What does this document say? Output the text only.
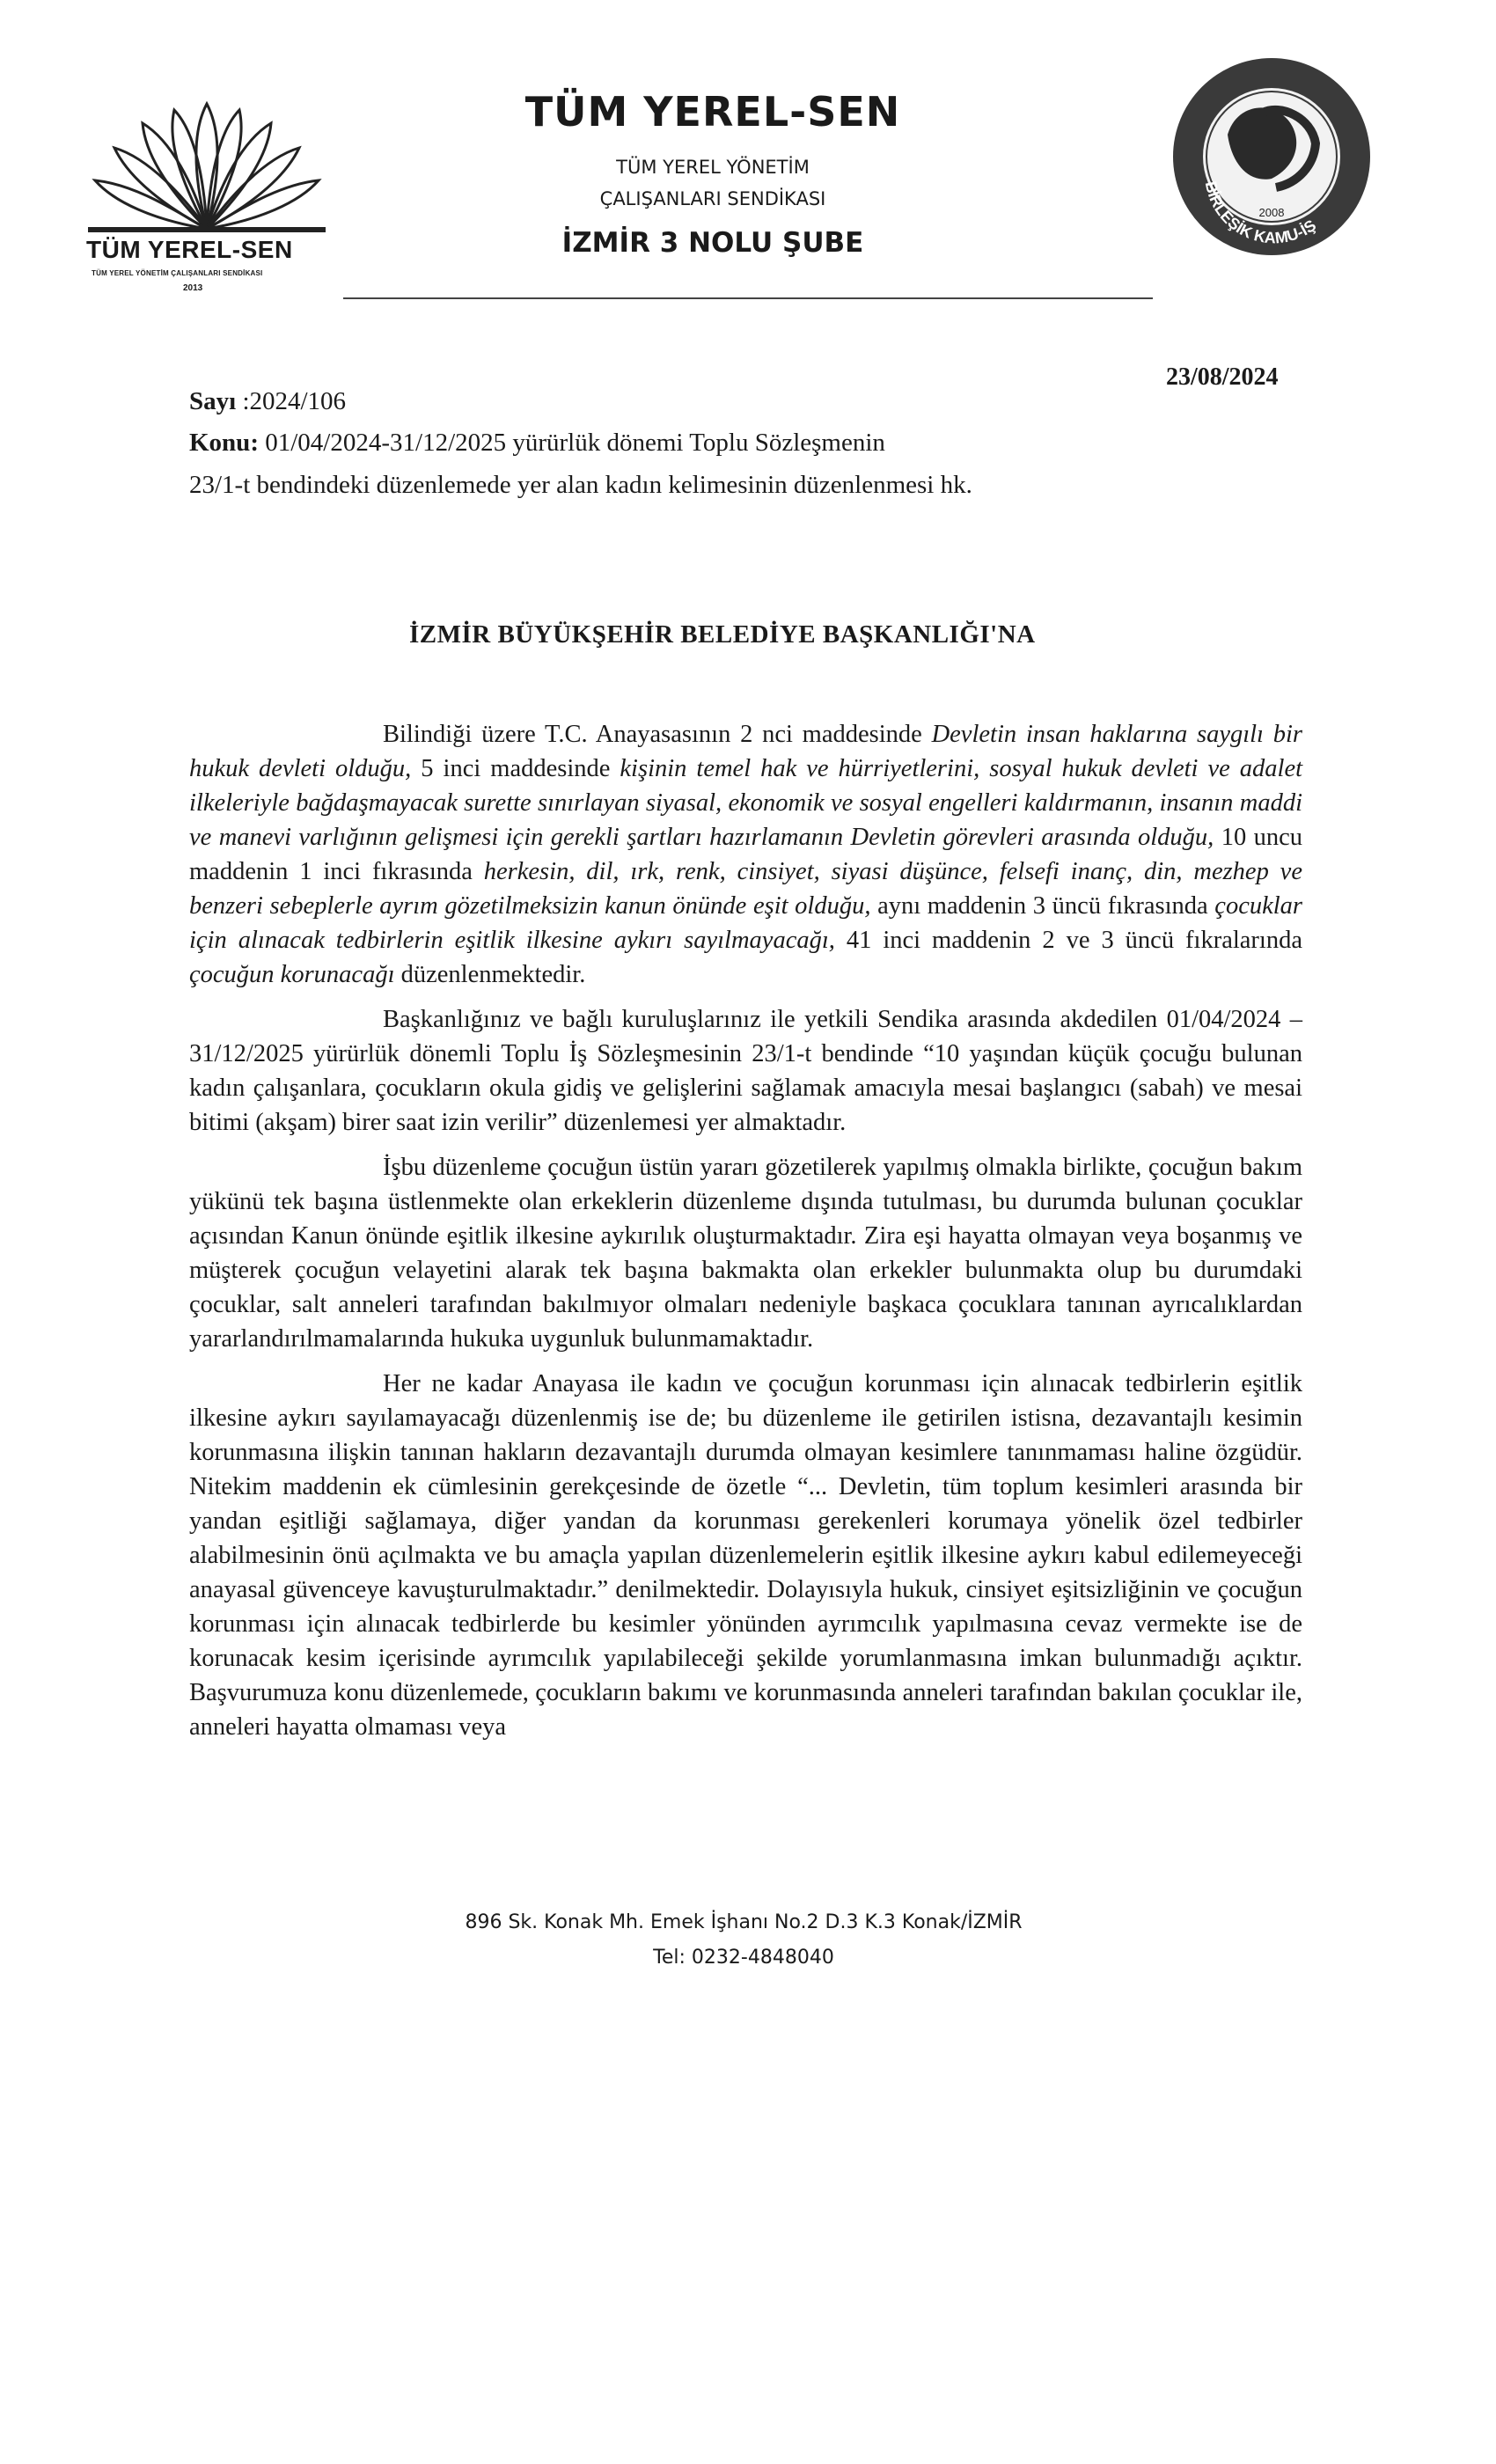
TÜM YEREL-SEN
TÜM YEREL YÖNETİM ÇALIŞANLARI SENDİKASI
2013
TÜM YEREL-SEN
TÜM YEREL YÖNETİM
ÇALIŞANLARI SENDİKASI
İZMİR 3 NOLU ŞUBE
2008
BİRLEŞİK KAMU-İŞ
Sayı :2024/106
23/08/2024
Konu: 01/04/2024-31/12/2025 yürürlük dönemi Toplu Sözleşmenin
23/1-t bendindeki düzenlemede yer alan kadın kelimesinin düzenlenmesi hk.
İZMİR BÜYÜKŞEHİR BELEDİYE BAŞKANLIĞI'NA

Bilindiği üzere T.C. Anayasasının 2 nci maddesinde Devletin insan haklarına saygılı bir hukuk devleti olduğu, 5 inci maddesinde kişinin temel hak ve hürriyetlerini, sosyal hukuk devleti ve adalet ilkeleriyle bağdaşmayacak surette sınırlayan siyasal, ekonomik ve sosyal engelleri kaldırmanın, insanın maddi ve manevi varlığının gelişmesi için gerekli şartları hazırlamanın Devletin görevleri arasında olduğu, 10 uncu maddenin 1 inci fıkrasında herkesin, dil, ırk, renk, cinsiyet, siyasi düşünce, felsefi inanç, din, mezhep ve benzeri sebeplerle ayrım gözetilmeksizin kanun önünde eşit olduğu, aynı maddenin 3 üncü fıkrasında çocuklar için alınacak tedbirlerin eşitlik ilkesine aykırı sayılmayacağı, 41 inci maddenin 2 ve 3 üncü fıkralarında çocuğun korunacağı düzenlenmektedir.

Başkanlığınız ve bağlı kuruluşlarınız ile yetkili Sendika arasında akdedilen 01/04/2024 – 31/12/2025 yürürlük dönemli Toplu İş Sözleşmesinin 23/1-t bendinde “10 yaşından küçük çocuğu bulunan kadın çalışanlara, çocukların okula gidiş ve gelişlerini sağlamak amacıyla mesai başlangıcı (sabah) ve mesai bitimi (akşam) birer saat izin verilir” düzenlemesi yer almaktadır.

İşbu düzenleme çocuğun üstün yararı gözetilerek yapılmış olmakla birlikte, çocuğun bakım yükünü tek başına üstlenmekte olan erkeklerin düzenleme dışında tutulması, bu durumda bulunan çocuklar açısından Kanun önünde eşitlik ilkesine aykırılık oluşturmaktadır. Zira eşi hayatta olmayan veya boşanmış ve müşterek çocuğun velayetini alarak tek başına bakmakta olan erkekler bulunmakta olup bu durumdaki çocuklar, salt anneleri tarafından bakılmıyor olmaları nedeniyle başkaca çocuklara tanınan ayrıcalıklardan yararlandırılmamalarında hukuka uygunluk bulunmamaktadır.

Her ne kadar Anayasa ile kadın ve çocuğun korunması için alınacak tedbirlerin eşitlik ilkesine aykırı sayılamayacağı düzenlenmiş ise de; bu düzenleme ile getirilen istisna, dezavantajlı kesimin korunmasına ilişkin tanınan hakların dezavantajlı durumda olmayan kesimlere tanınmaması haline özgüdür. Nitekim maddenin ek cümlesinin gerekçesinde de özetle “... Devletin, tüm toplum kesimleri arasında bir yandan eşitliği sağlamaya, diğer yandan da korunması gerekenleri korumaya yönelik özel tedbirler alabilmesinin önü açılmakta ve bu amaçla yapılan düzenlemelerin eşitlik ilkesine aykırı kabul edilemeyeceği anayasal güvenceye kavuşturulmaktadır.” denilmektedir. Dolayısıyla hukuk, cinsiyet eşitsizliğinin ve çocuğun korunması için alınacak tedbirlerde bu kesimler yönünden ayrımcılık yapılmasına cevaz vermekte ise de korunacak kesim içerisinde ayrımcılık yapılabileceği şekilde yorumlanmasına imkan bulunmadığı açıktır. Başvurumuza konu düzenlemede, çocukların bakımı ve korunmasında anneleri tarafından bakılan çocuklar ile, anneleri hayatta olmaması veya

896 Sk. Konak Mh. Emek İşhanı No.2 D.3 K.3 Konak/İZMİR
Tel: 0232-4848040
